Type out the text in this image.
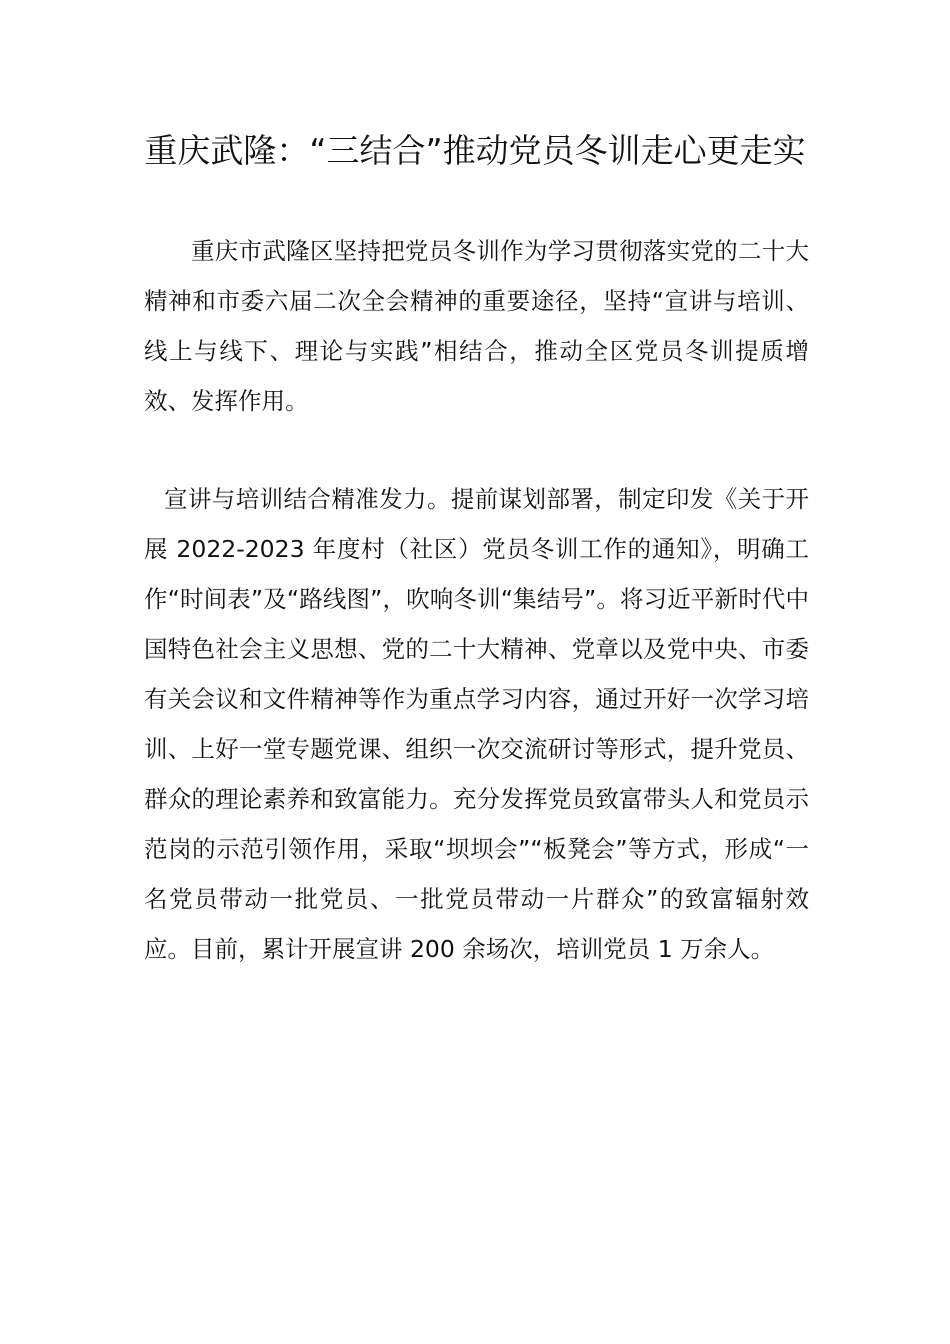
重庆武隆：“三结合”推动党员冬训走心更走实

重庆市武隆区坚持把党员冬训作为学习贯彻落实党的二十大精神和市委六届二次全会精神的重要途径，坚持“宣讲与培训、线上与线下、理论与实践”相结合，推动全区党员冬训提质增效、发挥作用。

宣讲与培训结合精准发力。提前谋划部署，制定印发《关于开展 2022-2023 年度村（社区）党员冬训工作的通知》，明确工作“时间表”及“路线图”，吹响冬训“集结号”。将习近平新时代中国特色社会主义思想、党的二十大精神、党章以及党中央、市委有关会议和文件精神等作为重点学习内容，通过开好一次学习培训、上好一堂专题党课、组织一次交流研讨等形式，提升党员、群众的理论素养和致富能力。充分发挥党员致富带头人和党员示范岗的示范引领作用，采取“坝坝会”“板凳会”等方式，形成“一名党员带动一批党员、一批党员带动一片群众”的致富辐射效应。目前，累计开展宣讲 200 余场次，培训党员 1 万余人。
